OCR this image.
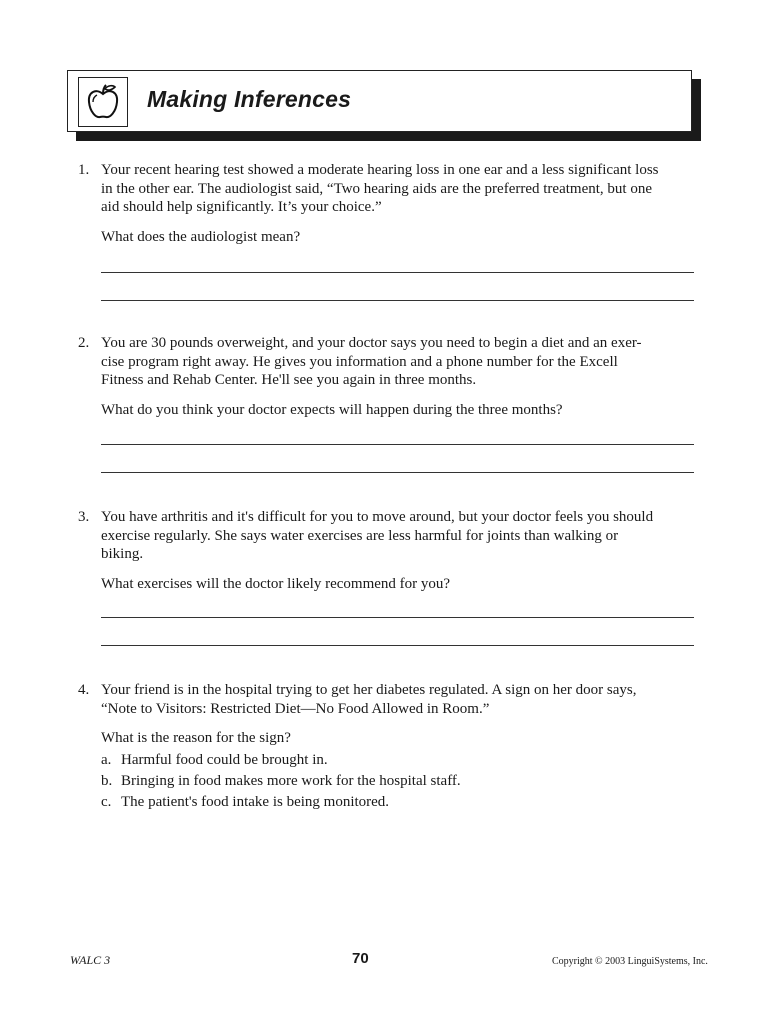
Making Inferences
1. Your recent hearing test showed a moderate hearing loss in one ear and a less significant loss
in the other ear. The audiologist said, “Two hearing aids are the preferred treatment, but one
aid should help significantly. It’s your choice.”
What does the audiologist mean?
2. You are 30 pounds overweight, and your doctor says you need to begin a diet and an exer-
cise program right away. He gives you information and a phone number for the Excell
Fitness and Rehab Center. He'll see you again in three months.
What do you think your doctor expects will happen during the three months?
3. You have arthritis and it's difficult for you to move around, but your doctor feels you should
exercise regularly. She says water exercises are less harmful for joints than walking or
biking.
What exercises will the doctor likely recommend for you?
4. Your friend is in the hospital trying to get her diabetes regulated. A sign on her door says,
“Note to Visitors: Restricted Diet—No Food Allowed in Room.”
What is the reason for the sign?
a. Harmful food could be brought in.
b. Bringing in food makes more work for the hospital staff.
c. The patient's food intake is being monitored.
WALC 3	70	Copyright © 2003 LinguiSystems, Inc.
